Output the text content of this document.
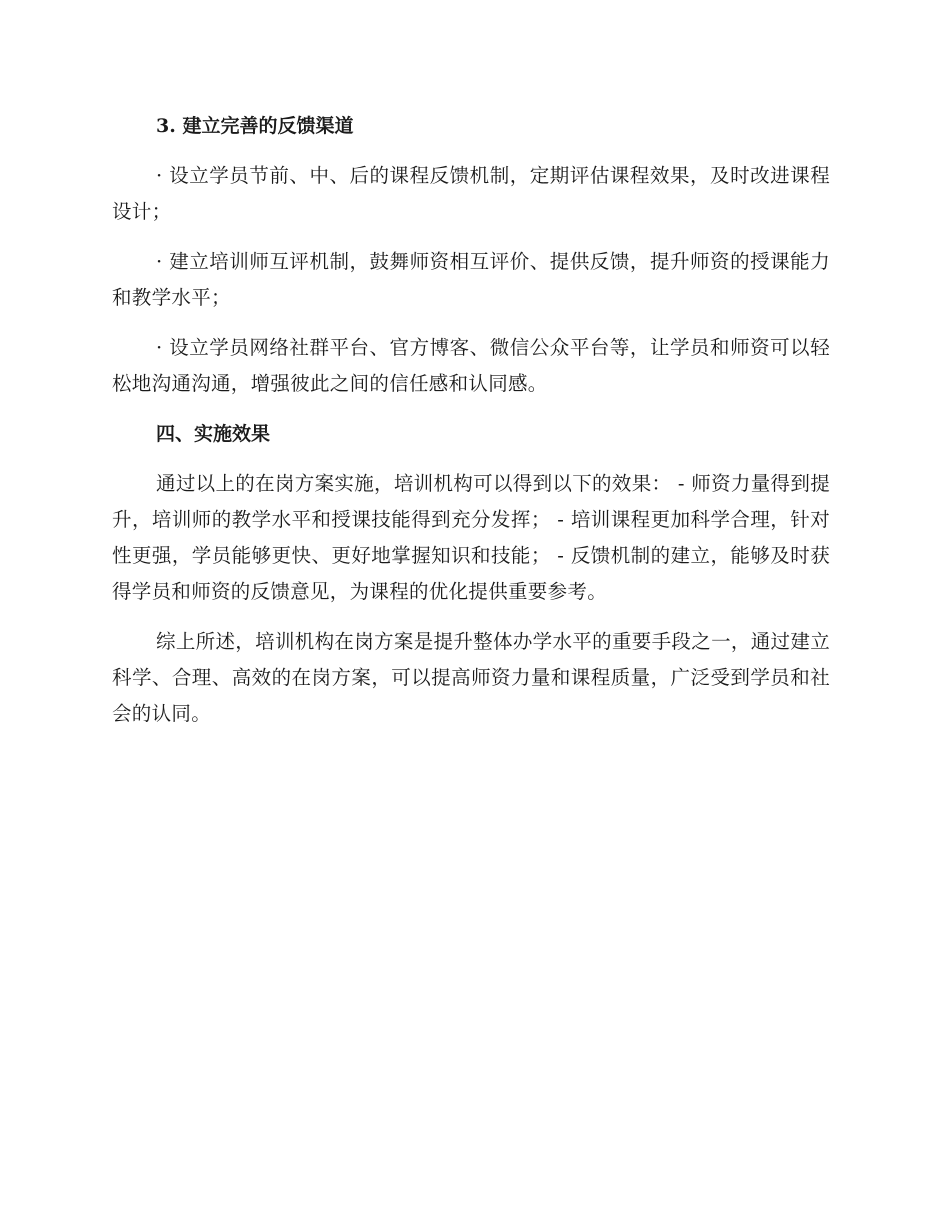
3. 建立完善的反馈渠道

· 设立学员节前、中、后的课程反馈机制，定期评估课程效果，及时改进课程设计；

· 建立培训师互评机制，鼓舞师资相互评价、提供反馈，提升师资的授课能力和教学水平；

· 设立学员网络社群平台、官方博客、微信公众平台等，让学员和师资可以轻松地沟通沟通，增强彼此之间的信任感和认同感。

四、实施效果

通过以上的在岗方案实施，培训机构可以得到以下的效果： - 师资力量得到提升，培训师的教学水平和授课技能得到充分发挥； - 培训课程更加科学合理，针对性更强，学员能够更快、更好地掌握知识和技能； - 反馈机制的建立，能够及时获得学员和师资的反馈意见，为课程的优化提供重要参考。

综上所述，培训机构在岗方案是提升整体办学水平的重要手段之一，通过建立科学、合理、高效的在岗方案，可以提高师资力量和课程质量，广泛受到学员和社会的认同。
